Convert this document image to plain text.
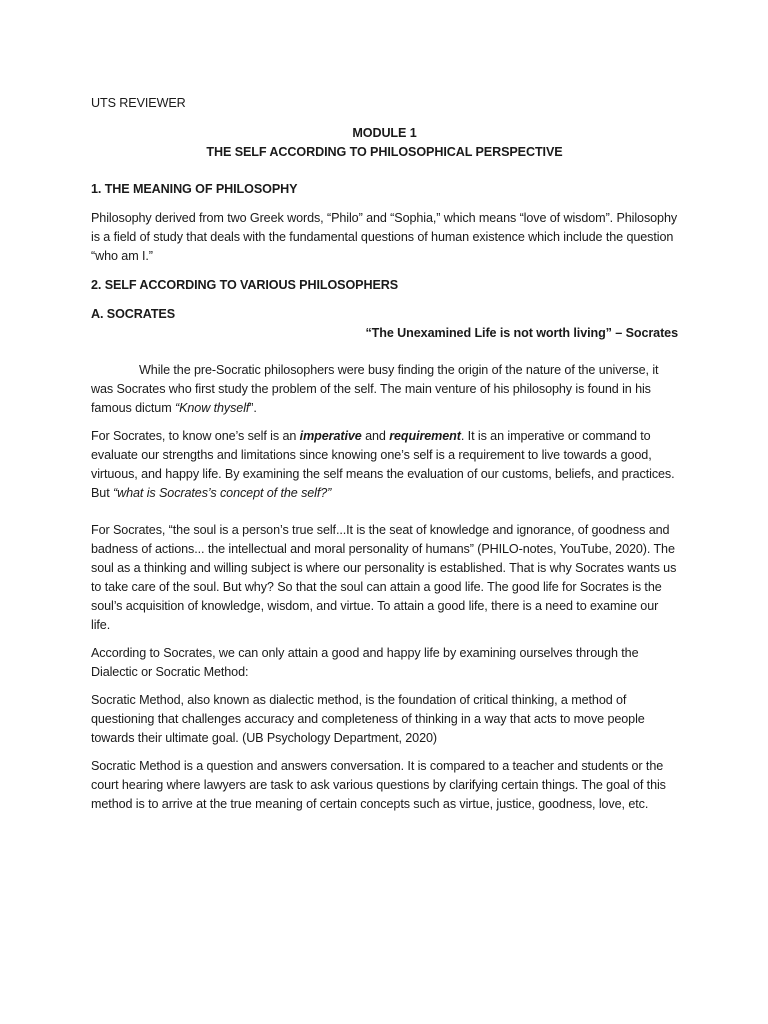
UTS REVIEWER

MODULE 1

THE SELF ACCORDING TO PHILOSOPHICAL PERSPECTIVE

1. THE MEANING OF PHILOSOPHY

Philosophy derived from two Greek words, “Philo” and “Sophia,” which means “love of wisdom”. Philosophy is a field of study that deals with the fundamental questions of human existence which include the question “who am I.”

2. SELF ACCORDING TO VARIOUS PHILOSOPHERS

A. SOCRATES

“The Unexamined Life is not worth living” – Socrates

While the pre-Socratic philosophers were busy finding the origin of the nature of the universe, it was Socrates who first study the problem of the self. The main venture of his philosophy is found in his famous dictum “Know thyself”.

For Socrates, to know one’s self is an imperative and requirement. It is an imperative or command to evaluate our strengths and limitations since knowing one’s self is a requirement to live towards a good, virtuous, and happy life. By examining the self means the evaluation of our customs, beliefs, and practices. But “what is Socrates’s concept of the self?”

For Socrates, “the soul is a person’s true self...It is the seat of knowledge and ignorance, of goodness and badness of actions... the intellectual and moral personality of humans” (PHILO-notes, YouTube, 2020). The soul as a thinking and willing subject is where our personality is established. That is why Socrates wants us to take care of the soul. But why? So that the soul can attain a good life. The good life for Socrates is the soul’s acquisition of knowledge, wisdom, and virtue. To attain a good life, there is a need to examine our life.

According to Socrates, we can only attain a good and happy life by examining ourselves through the Dialectic or Socratic Method:

Socratic Method, also known as dialectic method, is the foundation of critical thinking, a method of questioning that challenges accuracy and completeness of thinking in a way that acts to move people towards their ultimate goal. (UB Psychology Department, 2020)

Socratic Method is a question and answers conversation. It is compared to a teacher and students or the court hearing where lawyers are task to ask various questions by clarifying certain things. The goal of this method is to arrive at the true meaning of certain concepts such as virtue, justice, goodness, love, etc.
